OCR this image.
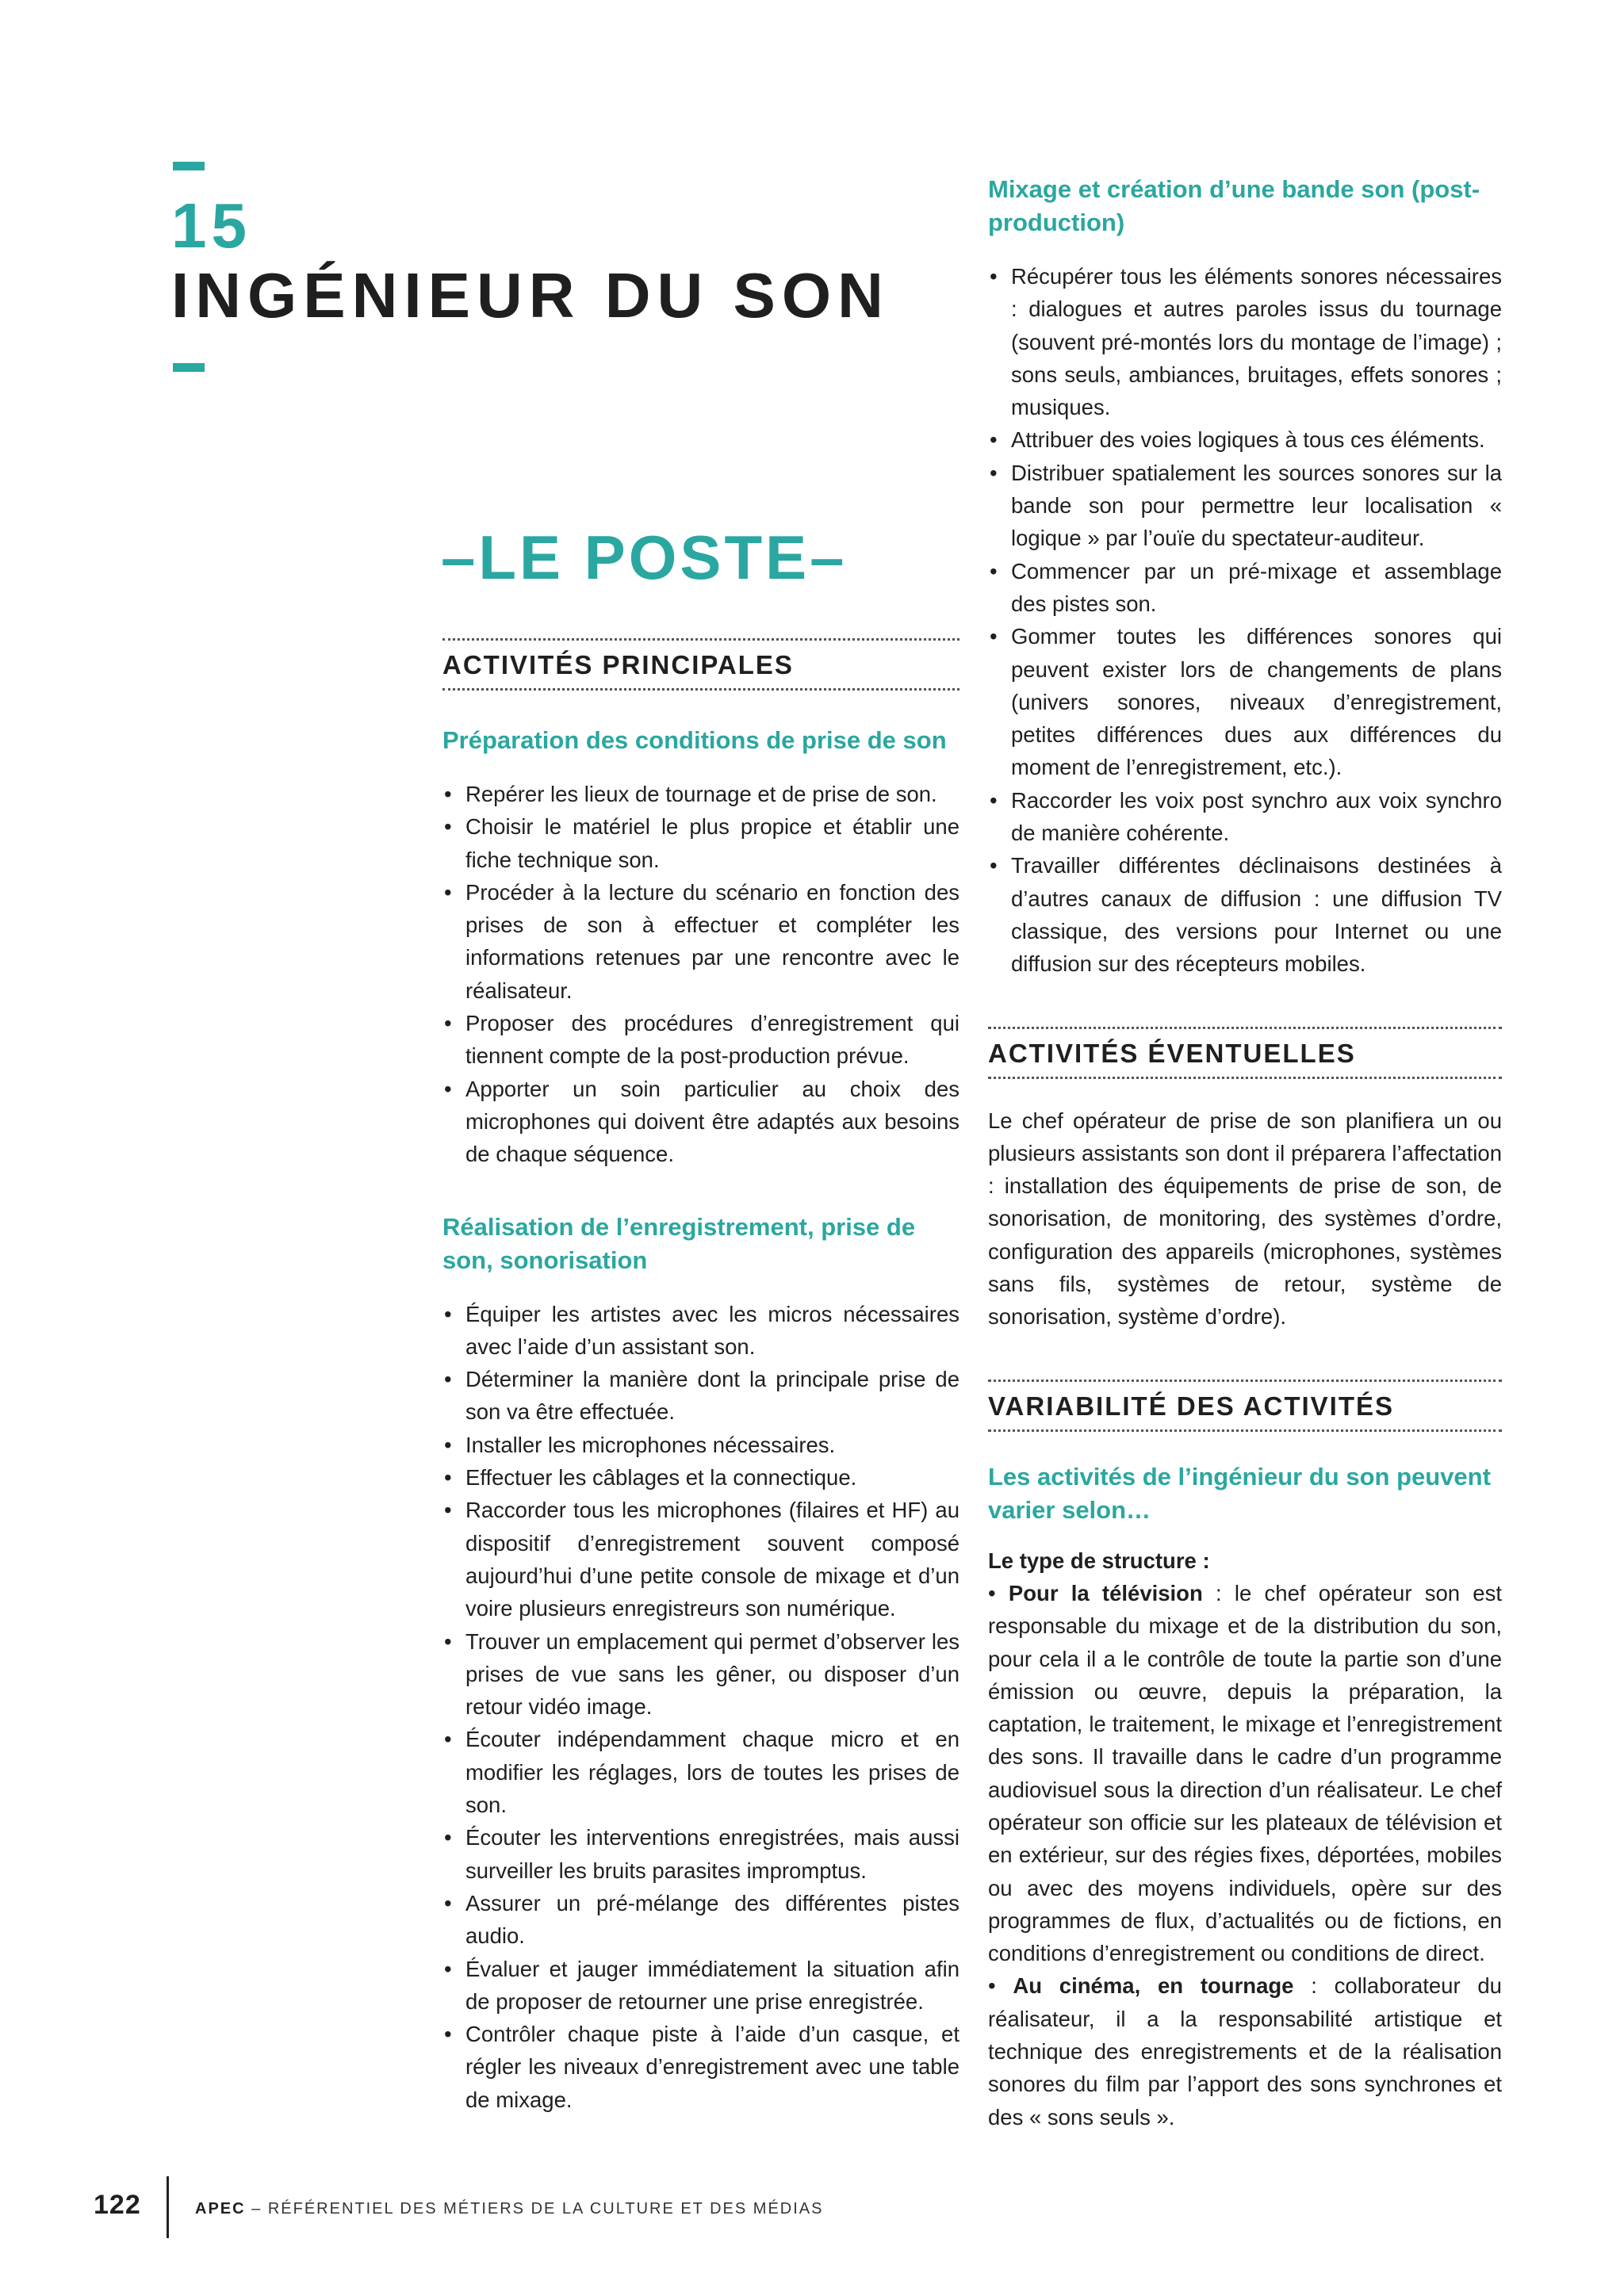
15
INGÉNIEUR DU SON
–LE POSTE–
ACTIVITÉS PRINCIPALES
Préparation des conditions de prise de son
• Repérer les lieux de tournage et de prise de son.
• Choisir le matériel le plus propice et établir une fiche technique son.
• Procéder à la lecture du scénario en fonction des prises de son à effectuer et compléter les informations retenues par une rencontre avec le réalisateur.
• Proposer des procédures d’enregistrement qui tiennent compte de la post-production prévue.
• Apporter un soin particulier au choix des microphones qui doivent être adaptés aux besoins de chaque séquence.
Réalisation de l’enregistrement, prise de son, sonorisation
• Équiper les artistes avec les micros nécessaires avec l’aide d’un assistant son.
• Déterminer la manière dont la principale prise de son va être effectuée.
• Installer les microphones nécessaires.
• Effectuer les câblages et la connectique.
• Raccorder tous les microphones (filaires et HF) au dispositif d’enregistrement souvent composé aujourd’hui d’une petite console de mixage et d’un voire plusieurs enregistreurs son numérique.
• Trouver un emplacement qui permet d’observer les prises de vue sans les gêner, ou disposer d’un retour vidéo image.
• Écouter indépendamment chaque micro et en modifier les réglages, lors de toutes les prises de son.
• Écouter les interventions enregistrées, mais aussi surveiller les bruits parasites impromptus.
• Assurer un pré-mélange des différentes pistes audio.
• Évaluer et jauger immédiatement la situation afin de proposer de retourner une prise enregistrée.
• Contrôler chaque piste à l’aide d’un casque, et régler les niveaux d’enregistrement avec une table de mixage.
Mixage et création d’une bande son (post-production)
• Récupérer tous les éléments sonores nécessaires : dialogues et autres paroles issus du tournage (souvent pré-montés lors du montage de l’image) ; sons seuls, ambiances, bruitages, effets sonores ; musiques.
• Attribuer des voies logiques à tous ces éléments.
• Distribuer spatialement les sources sonores sur la bande son pour permettre leur localisation « logique » par l’ouïe du spectateur-auditeur.
• Commencer par un pré-mixage et assemblage des pistes son.
• Gommer toutes les différences sonores qui peuvent exister lors de changements de plans (univers sonores, niveaux d’enregistrement, petites différences dues aux différences du moment de l’enregistrement, etc.).
• Raccorder les voix post synchro aux voix synchro de manière cohérente.
• Travailler différentes déclinaisons destinées à d’autres canaux de diffusion : une diffusion TV classique, des versions pour Internet ou une diffusion sur des récepteurs mobiles.
ACTIVITÉS ÉVENTUELLES

Le chef opérateur de prise de son planifiera un ou plusieurs assistants son dont il préparera l’affectation : installation des équipements de prise de son, de sonorisation, de monitoring, des systèmes d’ordre, configuration des appareils (microphones, systèmes sans fils, systèmes de retour, système de sonorisation, système d’ordre).

VARIABILITÉ DES ACTIVITÉS
Les activités de l’ingénieur du son peuvent varier selon…

Le type de structure :

• Pour la télévision : le chef opérateur son est responsable du mixage et de la distribution du son, pour cela il a le contrôle de toute la partie son d’une émission ou œuvre, depuis la préparation, la captation, le traitement, le mixage et l’enregistrement des sons. Il travaille dans le cadre d’un programme audiovisuel sous la direction d’un réalisateur. Le chef opérateur son officie sur les plateaux de télévision et en extérieur, sur des régies fixes, déportées, mobiles ou avec des moyens individuels, opère sur des programmes de flux, d’actualités ou de fictions, en conditions d’enregistrement ou conditions de direct.

• Au cinéma, en tournage : collaborateur du réalisateur, il a la responsabilité artistique et technique des enregistrements et de la réalisation sonores du film par l’apport des sons synchrones et des « sons seuls ».

122	APEC – RÉFÉRENTIEL DES MÉTIERS DE LA CULTURE ET DES MÉDIAS
